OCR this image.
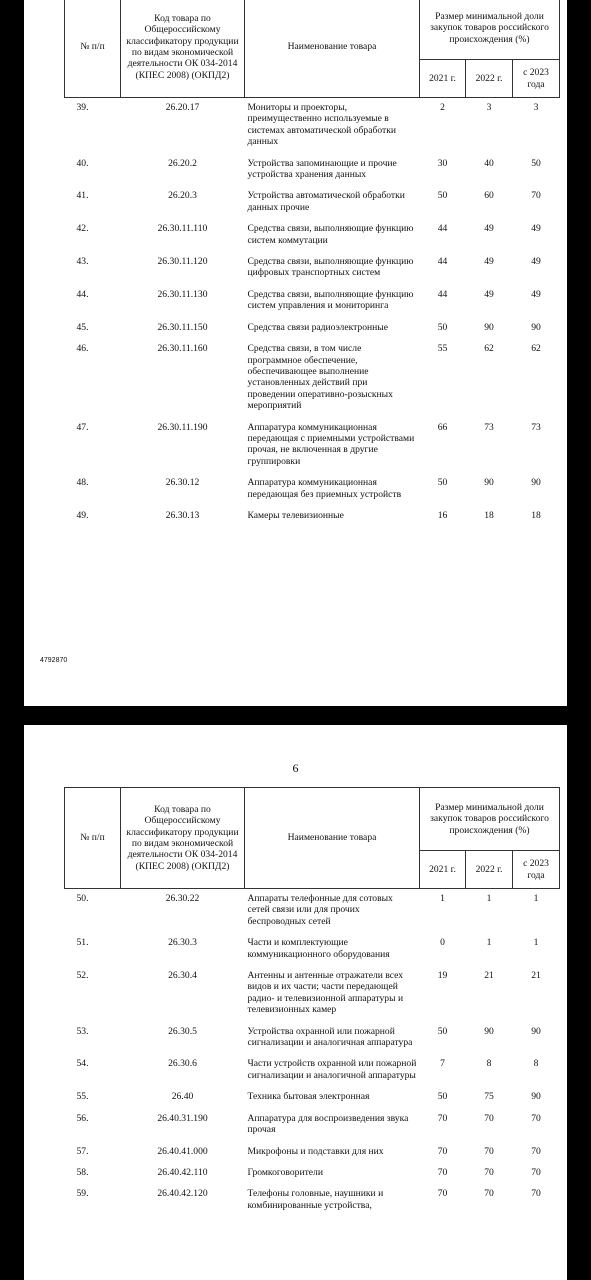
№ п/п	Код товара по Общероссийскому классификатору продукции по видам экономической деятельности ОК 034-2014 (КПЕС 2008) (ОКПД2)	Наименование товара	Размер минимальной доли закупок товаров российского происхождения (%)		
			2021 г.	2022 г.	с 2023 года
39.	26.20.17	Мониторы и проекторы, преимущественно используемые в системах автоматической обработки данных	2	3	3
40.	26.20.2	Устройства запоминающие и прочие устройства хранения данных	30	40	50
41.	26.20.3	Устройства автоматической обработки данных прочие	50	60	70
42.	26.30.11.110	Средства связи, выполняющие функцию систем коммутации	44	49	49
43.	26.30.11.120	Средства связи, выполняющие функцию цифровых транспортных систем	44	49	49
44.	26.30.11.130	Средства связи, выполняющие функцию систем управления и мониторинга	44	49	49
45.	26.30.11.150	Средства связи радиоэлектронные	50	90	90
46.	26.30.11.160	Средства связи, в том числе программное обеспечение, обеспечивающее выполнение установленных действий при проведении оперативно-розыскных мероприятий	55	62	62
47.	26.30.11.190	Аппаратура коммуникационная передающая с приемными устройствами прочая, не включенная в другие группировки	66	73	73
48.	26.30.12	Аппаратура коммуникационная передающая без приемных устройств	50	90	90
49.	26.30.13	Камеры телевизионные	16	18	18
4792870
6
№ п/п	Код товара по Общероссийскому классификатору продукции по видам экономической деятельности ОК 034-2014 (КПЕС 2008) (ОКПД2)	Наименование товара	Размер минимальной доли закупок товаров российского происхождения (%)		
			2021 г.	2022 г.	с 2023 года
50.	26.30.22	Аппараты телефонные для сотовых сетей связи или для прочих беспроводных сетей	1	1	1
51.	26.30.3	Части и комплектующие коммуникационного оборудования	0	1	1
52.	26.30.4	Антенны и антенные отражатели всех видов и их части; части передающей радио- и телевизионной аппаратуры и телевизионных камер	19	21	21
53.	26.30.5	Устройства охранной или пожарной сигнализации и аналогичная аппаратура	50	90	90
54.	26.30.6	Части устройств охранной или пожарной сигнализации и аналогичной аппаратуры	7	8	8
55.	26.40	Техника бытовая электронная	50	75	90
56.	26.40.31.190	Аппаратура для воспроизведения звука прочая	70	70	70
57.	26.40.41.000	Микрофоны и подставки для них	70	70	70
58.	26.40.42.110	Громкоговорители	70	70	70
59.	26.40.42.120	Телефоны головные, наушники и комбинированные устройства,	70	70	70
